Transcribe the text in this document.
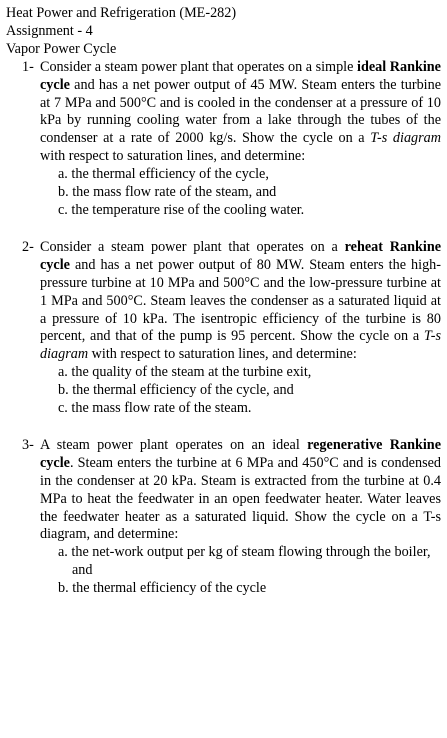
Heat Power and Refrigeration (ME-282)
Assignment - 4
Vapor Power Cycle
1- Consider a steam power plant that operates on a simple ideal Rankine cycle and has a net power output of 45 MW. Steam enters the turbine at 7 MPa and 500°C and is cooled in the condenser at a pressure of 10 kPa by running cooling water from a lake through the tubes of the condenser at a rate of 2000 kg/s. Show the cycle on a T-s diagram with respect to saturation lines, and determine:
a. the thermal efficiency of the cycle,
b. the mass flow rate of the steam, and
c. the temperature rise of the cooling water.
2- Consider a steam power plant that operates on a reheat Rankine cycle and has a net power output of 80 MW. Steam enters the high-pressure turbine at 10 MPa and 500°C and the low-pressure turbine at 1 MPa and 500°C. Steam leaves the condenser as a saturated liquid at a pressure of 10 kPa. The isentropic efficiency of the turbine is 80 percent, and that of the pump is 95 percent. Show the cycle on a T-s diagram with respect to saturation lines, and determine:
a. the quality of the steam at the turbine exit,
b. the thermal efficiency of the cycle, and
c. the mass flow rate of the steam.
3- A steam power plant operates on an ideal regenerative Rankine cycle. Steam enters the turbine at 6 MPa and 450°C and is condensed in the condenser at 20 kPa. Steam is extracted from the turbine at 0.4 MPa to heat the feedwater in an open feedwater heater. Water leaves the feedwater heater as a saturated liquid. Show the cycle on a T-s diagram, and determine:
a. the net-work output per kg of steam flowing through the boiler, and
b. the thermal efficiency of the cycle
